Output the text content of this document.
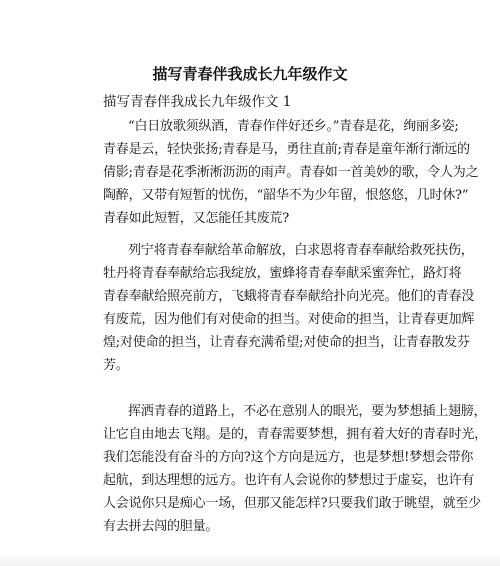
描写青春伴我成长九年级作文
描写青春伴我成长九年级作文 1
“白日放歌须纵酒，青春作伴好还乡。”青春是花，绚丽多姿;
青春是云，轻快张扬;青春是马，勇往直前;青春是童年渐行渐远的
倩影;青春是花季淅淅沥沥的雨声。青春如一首美妙的歌，令人为之
陶醉，又带有短暂的忧伤，“韶华不为少年留，恨悠悠，几时休?”
青春如此短暂，又怎能任其废荒?
列宁将青春奉献给革命解放，白求恩将青春奉献给救死扶伤，
牡丹将青春奉献给忘我绽放，蜜蜂将青春奉献采蜜奔忙，路灯将
青春奉献给照亮前方，飞蛾将青春奉献给扑向光亮。他们的青春没
有废荒，因为他们有对使命的担当。对使命的担当，让青春更加辉
煌;对使命的担当，让青春充满希望;对使命的担当，让青春散发芬
芳。
挥洒青春的道路上，不必在意别人的眼光，要为梦想插上翅膀，
让它自由地去飞翔。是的，青春需要梦想，拥有着大好的青春时光，
我们怎能没有奋斗的方向?这个方向是远方，也是梦想!梦想会带你
起航，到达理想的远方。也许有人会说你的梦想过于虚妄，也许有
人会说你只是痴心一场，但那又能怎样?只要我们敢于眺望，就至少
有去拼去闯的胆量。
